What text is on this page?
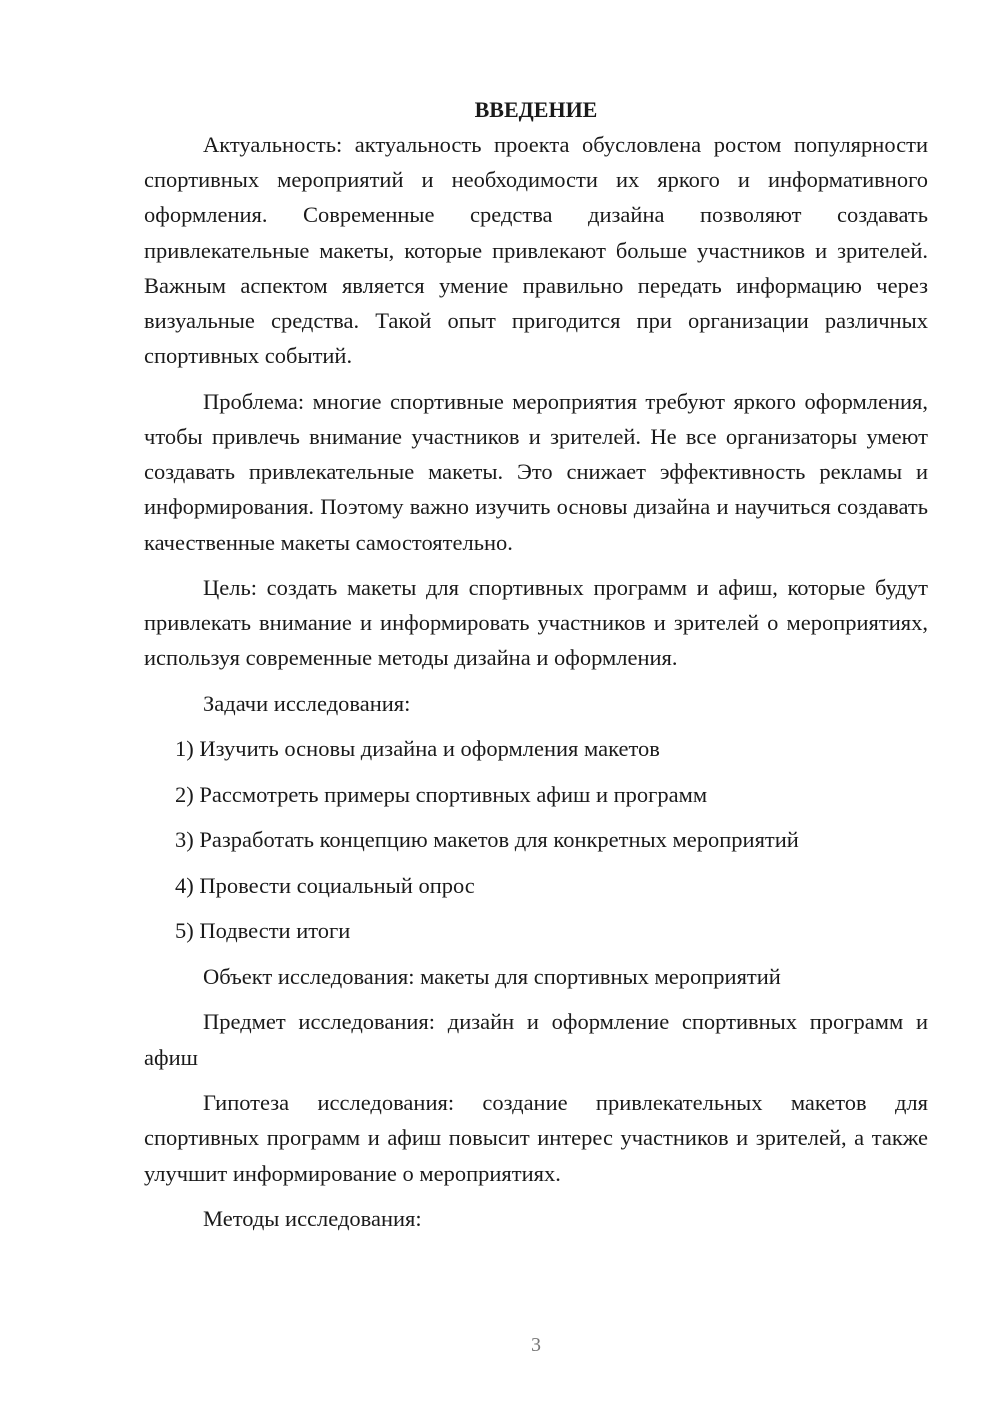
ВВЕДЕНИЕ

Актуальность: актуальность проекта обусловлена ростом популярности спортивных мероприятий и необходимости их яркого и информативного оформления. Современные средства дизайна позволяют создавать привлекательные макеты, которые привлекают больше участников и зрителей. Важным аспектом является умение правильно передать информацию через визуальные средства. Такой опыт пригодится при организации различных спортивных событий.

Проблема: многие спортивные мероприятия требуют яркого оформления, чтобы привлечь внимание участников и зрителей. Не все организаторы умеют создавать привлекательные макеты. Это снижает эффективность рекламы и информирования. Поэтому важно изучить основы дизайна и научиться создавать качественные макеты самостоятельно.

Цель: создать макеты для спортивных программ и афиш, которые будут привлекать внимание и информировать участников и зрителей о мероприятиях, используя современные методы дизайна и оформления.

Задачи исследования:

1) Изучить основы дизайна и оформления макетов

2) Рассмотреть примеры спортивных афиш и программ

3) Разработать концепцию макетов для конкретных мероприятий

4) Провести социальный опрос

5) Подвести итоги

Объект исследования: макеты для спортивных мероприятий

Предмет исследования: дизайн и оформление спортивных программ и афиш

Гипотеза исследования: создание привлекательных макетов для спортивных программ и афиш повысит интерес участников и зрителей, а также улучшит информирование о мероприятиях.

Методы исследования:

3
